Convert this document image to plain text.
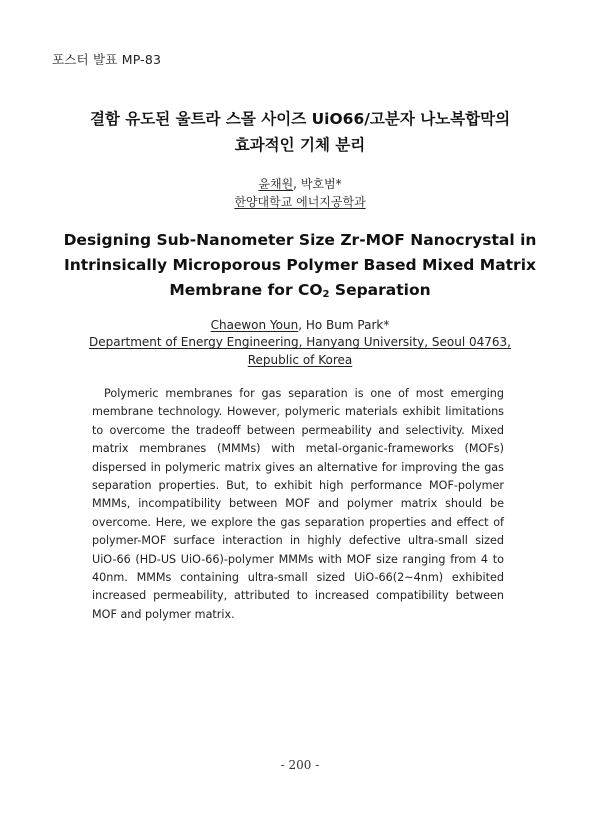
포스터 발표 MP-83
결함 유도된 울트라 스몰 사이즈 UiO66/고분자 나노복합막의
효과적인 기체 분리
윤채원, 박호범*
한양대학교 에너지공학과
Designing Sub-Nanometer Size Zr-MOF Nanocrystal in
Intrinsically Microporous Polymer Based Mixed Matrix
Membrane for $CO_2$ Separation
Chaewon Youn, Ho Bum Park*
Department of Energy Engineering, Hanyang University, Seoul 04763,
Republic of Korea
Polymeric membranes for gas separation is one of most emerging membrane technology. However, polymeric materials exhibit limitations to overcome the tradeoff between permeability and selectivity. Mixed matrix membranes (MMMs) with metal-organic-frameworks (MOFs) dispersed in polymeric matrix gives an alternative for improving the gas separation properties. But, to exhibit high performance MOF-polymer MMMs, incompatibility between MOF and polymer matrix should be overcome. Here, we explore the gas separation properties and effect of polymer-MOF surface interaction in highly defective ultra-small sized UiO-66 (HD-US UiO-66)-polymer MMMs with MOF size ranging from 4 to 40nm. MMMs containing ultra-small sized UiO-66(2~4nm) exhibited increased permeability, attributed to increased compatibility between MOF and polymer matrix.
- 200 -
